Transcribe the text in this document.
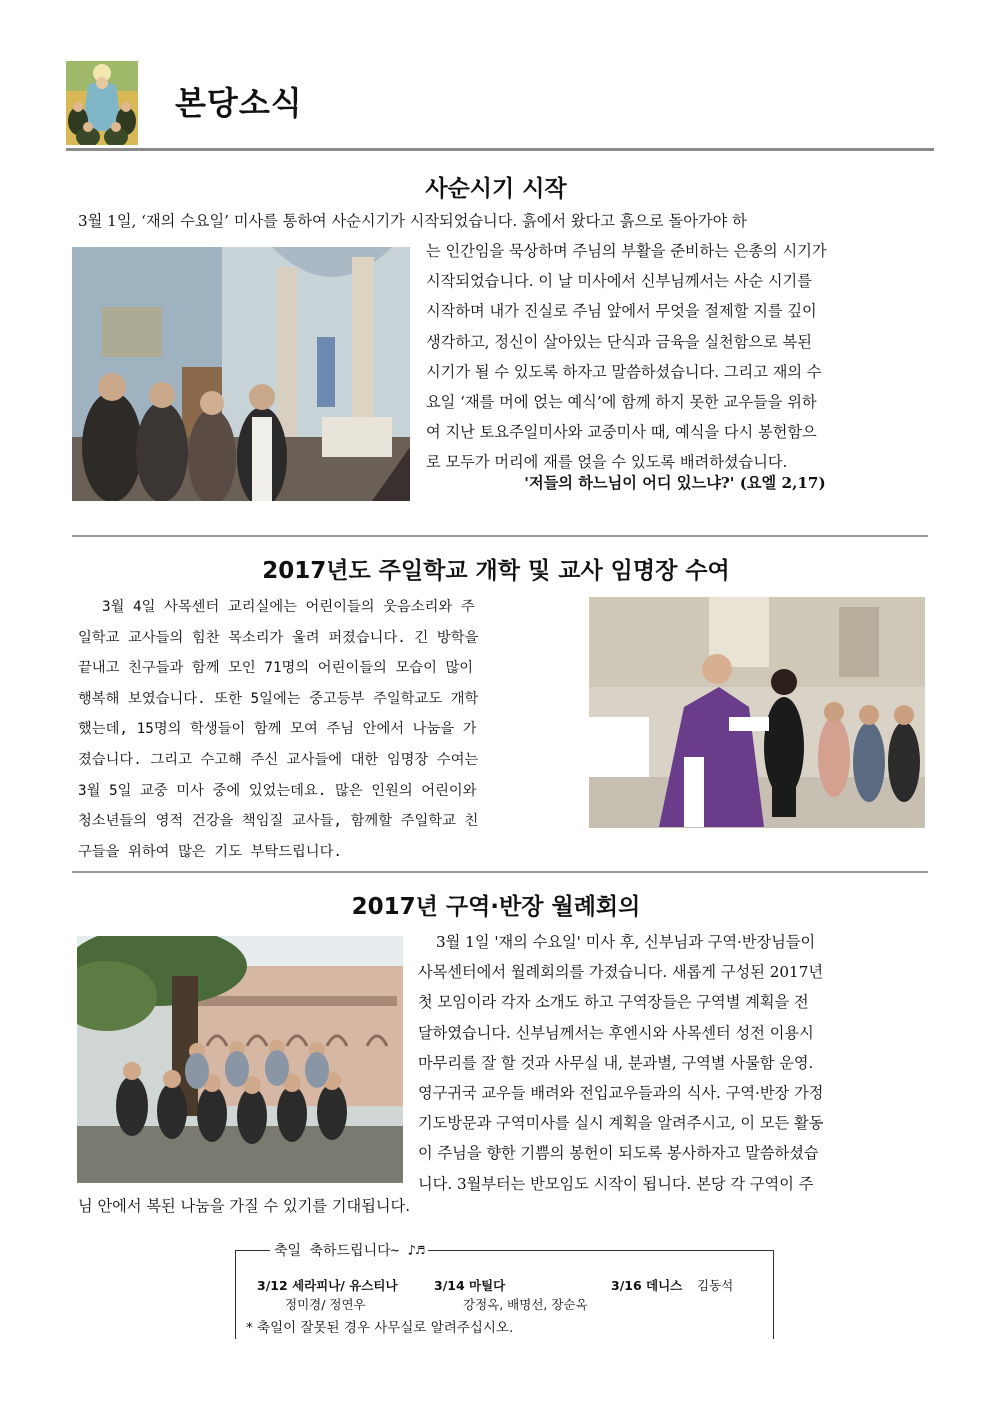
본당소식
사순시기 시작

3월 1일, ‘재의 수요일’ 미사를 통하여 사순시기가 시작되었습니다. 흙에서 왔다고 흙으로 돌아가야 하

는 인간임을 묵상하며 주님의 부활을 준비하는 은총의 시기가

시작되었습니다. 이 날 미사에서 신부님께서는 사순 시기를

시작하며 내가 진실로 주님 앞에서 무엇을 절제할 지를 깊이

생각하고, 정신이 살아있는 단식과 금육을 실천함으로 복된

시기가 될 수 있도록 하자고 말씀하셨습니다. 그리고 재의 수

요일 ‘재를 머에 얹는 예식’에 함께 하지 못한 교우들을 위하

여 지난 토요주일미사와 교중미사 때, 예식을 다시 봉헌함으

로 모두가 머리에 재를 얹을 수 있도록 배려하셨습니다.

'저들의 하느님이 어디 있느냐?' (요엘 2,17)
2017년도 주일학교 개학 및 교사 임명장 수여

3월 4일 사목센터 교리실에는 어린이들의 웃음소리와 주

일학교 교사들의 힘찬 목소리가 울려 퍼졌습니다. 긴 방학을

끝내고 친구들과 함께 모인 71명의 어린이들의 모습이 많이

행복해 보였습니다. 또한 5일에는 중고등부 주일학교도 개학

했는데, 15명의 학생들이 함께 모여 주님 안에서 나눔을 가

졌습니다. 그리고 수고해 주신 교사들에 대한 임명장 수여는

3월 5일 교중 미사 중에 있었는데요. 많은 인원의 어린이와

청소년들의 영적 건강을 책임질 교사들, 함께할 주일학교 친

구들을 위하여 많은 기도 부탁드립니다.

2017년 구역·반장 월례회의

3월 1일 '재의 수요일' 미사 후, 신부님과 구역·반장님들이

사목센터에서 월례회의를 가졌습니다. 새롭게 구성된 2017년

첫 모임이라 각자 소개도 하고 구역장들은 구역별 계획을 전

달하였습니다. 신부님께서는 후엔시와 사목센터 성전 이용시

마무리를 잘 할 것과 사무실 내, 분과별, 구역별 사물함 운영.

영구귀국 교우들 배려와 전입교우들과의 식사. 구역·반장 가정

기도방문과 구역미사를 실시 계획을 알려주시고, 이 모든 활동

이 주님을 향한 기쁨의 봉헌이 되도록 봉사하자고 말씀하셨습

니다. 3월부터는 반모임도 시작이 됩니다. 본당 각 구역이 주

님 안에서 복된 나눔을 가질 수 있기를 기대됩니다.

축일 축하드립니다~ ♪♬
3/12 세라피나/ 유스티나
정미경/ 정연우
3/14 마틸다
강정옥, 배명선, 장순옥
3/16 데니스 김동석
* 축일이 잘못된 경우 사무실로 알려주십시오.
